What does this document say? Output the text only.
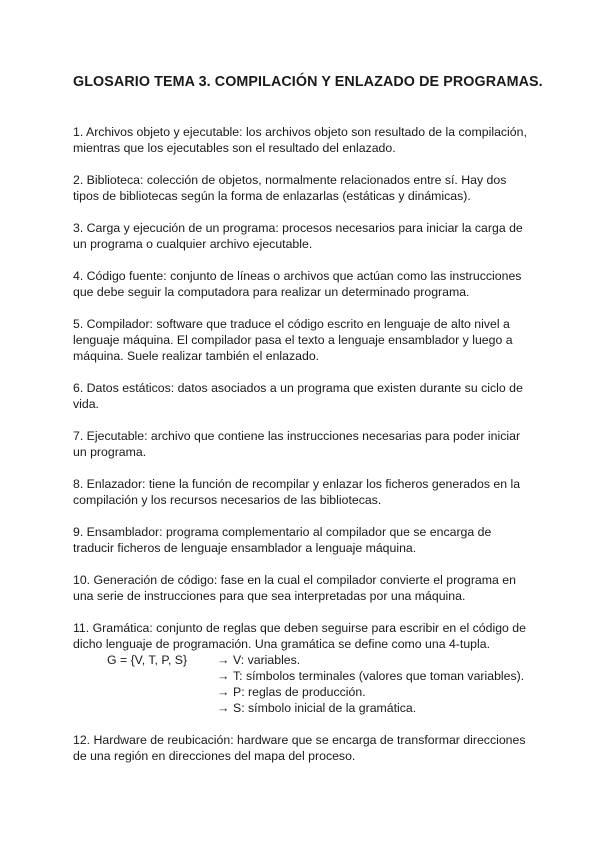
GLOSARIO TEMA 3. COMPILACIÓN Y ENLAZADO DE PROGRAMAS.
1. Archivos objeto y ejecutable: los archivos objeto son resultado de la compilación, mientras que los ejecutables son el resultado del enlazado.
2. Biblioteca: colección de objetos, normalmente relacionados entre sí. Hay dos tipos de bibliotecas según la forma de enlazarlas (estáticas y dinámicas).
3. Carga y ejecución de un programa: procesos necesarios para iniciar la carga de un programa o cualquier archivo ejecutable.
4. Código fuente: conjunto de líneas o archivos que actúan como las instrucciones que debe seguir la computadora para realizar un determinado programa.
5. Compilador: software que traduce el código escrito en lenguaje de alto nivel a lenguaje máquina. El compilador pasa el texto a lenguaje ensamblador y luego a máquina. Suele realizar también el enlazado.
6. Datos estáticos: datos asociados a un programa que existen durante su ciclo de vida.
7. Ejecutable: archivo que contiene las instrucciones necesarias para poder iniciar un programa.
8. Enlazador: tiene la función de recompilar y enlazar los ficheros generados en la compilación y los recursos necesarios de las bibliotecas.
9. Ensamblador: programa complementario al compilador que se encarga de traducir ficheros de lenguaje ensamblador a lenguaje máquina.
10. Generación de código: fase en la cual el compilador convierte el programa en una serie de instrucciones para que sea interpretadas por una máquina.
11. Gramática: conjunto de reglas que deben seguirse para escribir en el código de dicho lenguaje de programación. Una gramática se define como una 4-tupla.
G = {V, T, P, S} → V: variables.
→ T: símbolos terminales (valores que toman variables).
→ P: reglas de producción.
→ S: símbolo inicial de la gramática.
12. Hardware de reubicación: hardware que se encarga de transformar direcciones de una región en direcciones del mapa del proceso.
